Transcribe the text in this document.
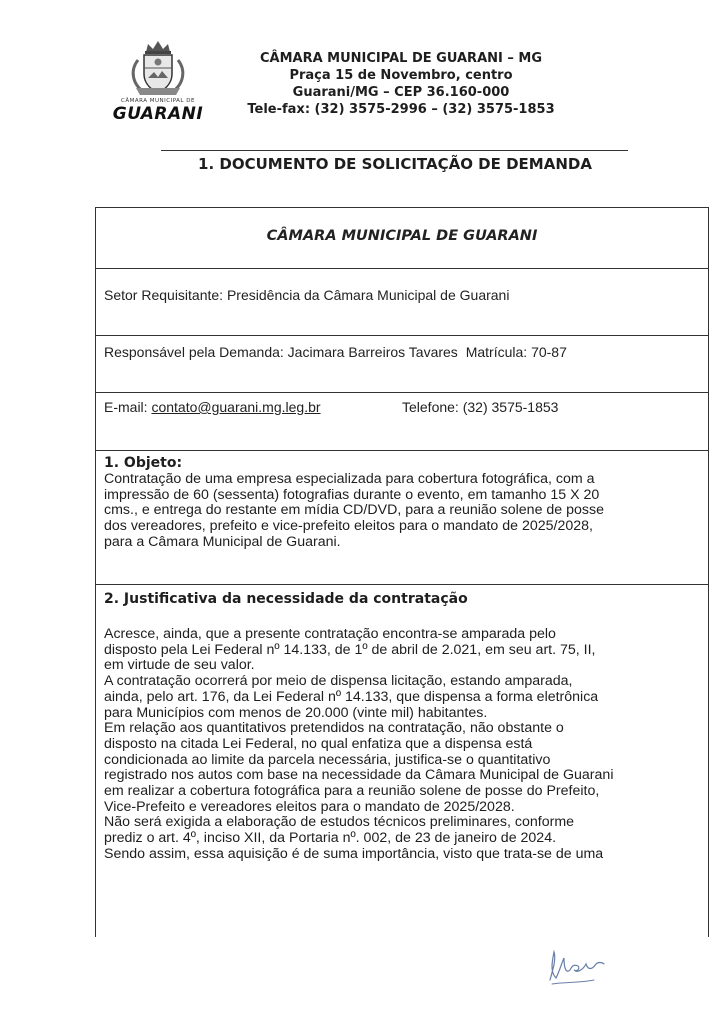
CÂMARA MUNICIPAL DE
GUARANI
CÂMARA MUNICIPAL DE GUARANI – MG
Praça 15 de Novembro, centro
Guarani/MG – CEP 36.160-000
Tele-fax: (32) 3575-2996 – (32) 3575-1853
1. DOCUMENTO DE SOLICITAÇÃO DE DEMANDA
CÂMARA MUNICIPAL DE GUARANI
Setor Requisitante: Presidência da Câmara Municipal de Guarani
Responsável pela Demanda: Jacimara Barreiros Tavares Matrícula: 70-87
E-mail: contato@guarani.mg.leg.br	Telefone: (32) 3575-1853
1. Objeto:

Contratação de uma empresa especializada para cobertura fotográfica, com a

impressão de 60 (sessenta) fotografias durante o evento, em tamanho 15 X 20

cms., e entrega do restante em mídia CD/DVD, para a reunião solene de posse

dos vereadores, prefeito e vice-prefeito eleitos para o mandato de 2025/2028,

para a Câmara Municipal de Guarani.

2. Justificativa da necessidade da contratação

Acresce, ainda, que a presente contratação encontra-se amparada pelo

disposto pela Lei Federal nº 14.133, de 1º de abril de 2.021, em seu art. 75, II,

em virtude de seu valor.

A contratação ocorrerá por meio de dispensa licitação, estando amparada,

ainda, pelo art. 176, da Lei Federal nº 14.133, que dispensa a forma eletrônica

para Municípios com menos de 20.000 (vinte mil) habitantes.

Em relação aos quantitativos pretendidos na contratação, não obstante o

disposto na citada Lei Federal, no qual enfatiza que a dispensa está

condicionada ao limite da parcela necessária, justifica-se o quantitativo

registrado nos autos com base na necessidade da Câmara Municipal de Guarani

em realizar a cobertura fotográfica para a reunião solene de posse do Prefeito,

Vice-Prefeito e vereadores eleitos para o mandato de 2025/2028.

Não será exigida a elaboração de estudos técnicos preliminares, conforme

prediz o art. 4º, inciso XII, da Portaria nº. 002, de 23 de janeiro de 2024.

Sendo assim, essa aquisição é de suma importância, visto que trata-se de uma
